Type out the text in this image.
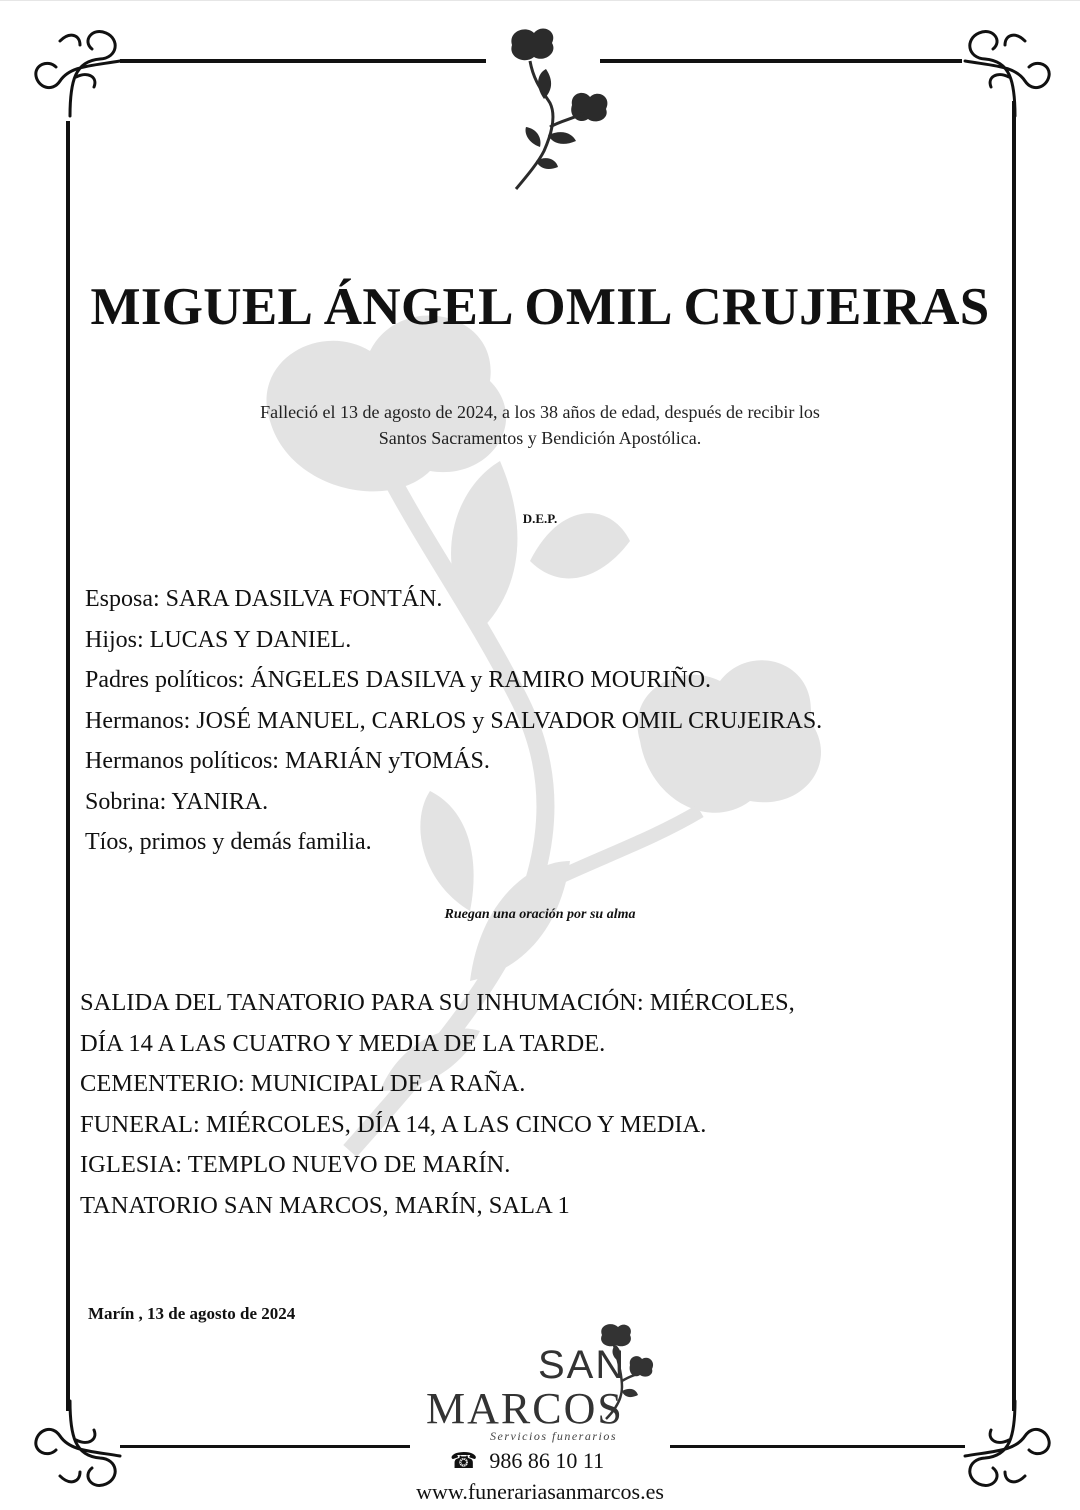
MIGUEL ÁNGEL OMIL CRUJEIRAS
Falleció el 13 de agosto de 2024, a los 38 años de edad, después de recibir los
Santos Sacramentos y Bendición Apostólica.
D.E.P.
Esposa: SARA DASILVA FONTÁN.
Hijos: LUCAS Y DANIEL.
Padres políticos: ÁNGELES DASILVA y RAMIRO MOURIÑO.
Hermanos: JOSÉ MANUEL, CARLOS y SALVADOR OMIL CRUJEIRAS.
Hermanos políticos: MARIÁN yTOMÁS.
Sobrina: YANIRA.
Tíos, primos y demás familia.
Ruegan una oración por su alma
SALIDA DEL TANATORIO PARA SU INHUMACIÓN: MIÉRCOLES,
DÍA 14 A LAS CUATRO Y MEDIA DE LA TARDE.
CEMENTERIO: MUNICIPAL DE A RAÑA.
FUNERAL: MIÉRCOLES, DÍA 14, A LAS CINCO Y MEDIA.
IGLESIA: TEMPLO NUEVO DE MARÍN.
TANATORIO SAN MARCOS, MARÍN, SALA 1
Marín , 13 de agosto de 2024
SAN
MARCOS
Servicios funerarios
☎ 986 86 10 11
www.funerariasanmarcos.es
